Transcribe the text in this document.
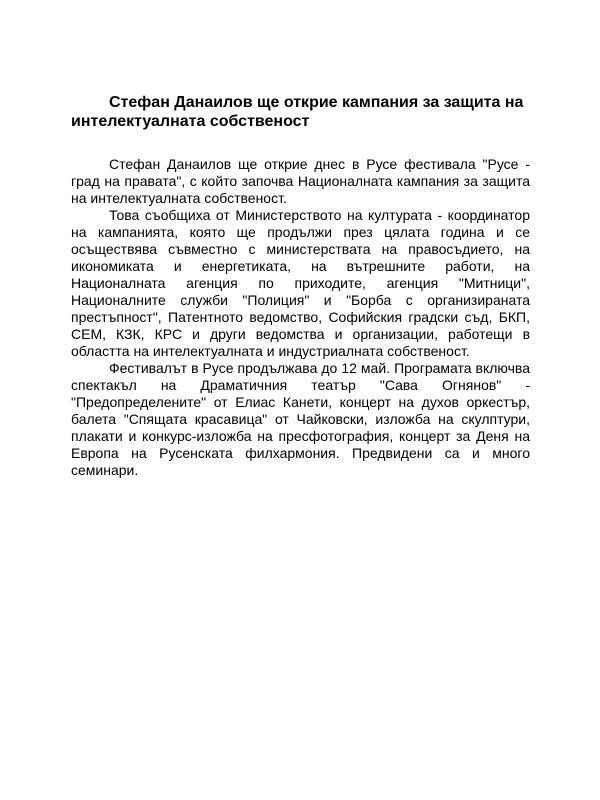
Стефан Данаилов ще открие кампания за защита на интелектуалната собственост

Стефан Данаилов ще открие днес в Русе фестивала "Русе - град на правата", с който започва Националната кампания за защита на интелектуалната собственост.

Това съобщиха от Министерството на културата - координатор на кампанията, която ще продължи през цялата година и се осъществява съвместно с министерствата на правосъдието, на икономиката и енергетиката, на вътрешните работи, на Националната агенция по приходите, агенция "Митници", Националните служби "Полиция" и "Борба с организираната престъпност", Патентното ведомство, Софийския градски съд, БКП, СЕМ, КЗК, КРС и други ведомства и организации, работещи в областта на интелектуалната и индустриалната собственост.

Фестивалът в Русе продължава до 12 май. Програмата включва спектакъл на Драматичния театър "Сава Огнянов" -"Предопределените" от Елиас Канети, концерт на духов оркестър, балета "Спящата красавица" от Чайковски, изложба на скулптури, плакати и конкурс-изложба на пресфотография, концерт за Деня на Европа на Русенската филхармония. Предвидени са и много семинари.
